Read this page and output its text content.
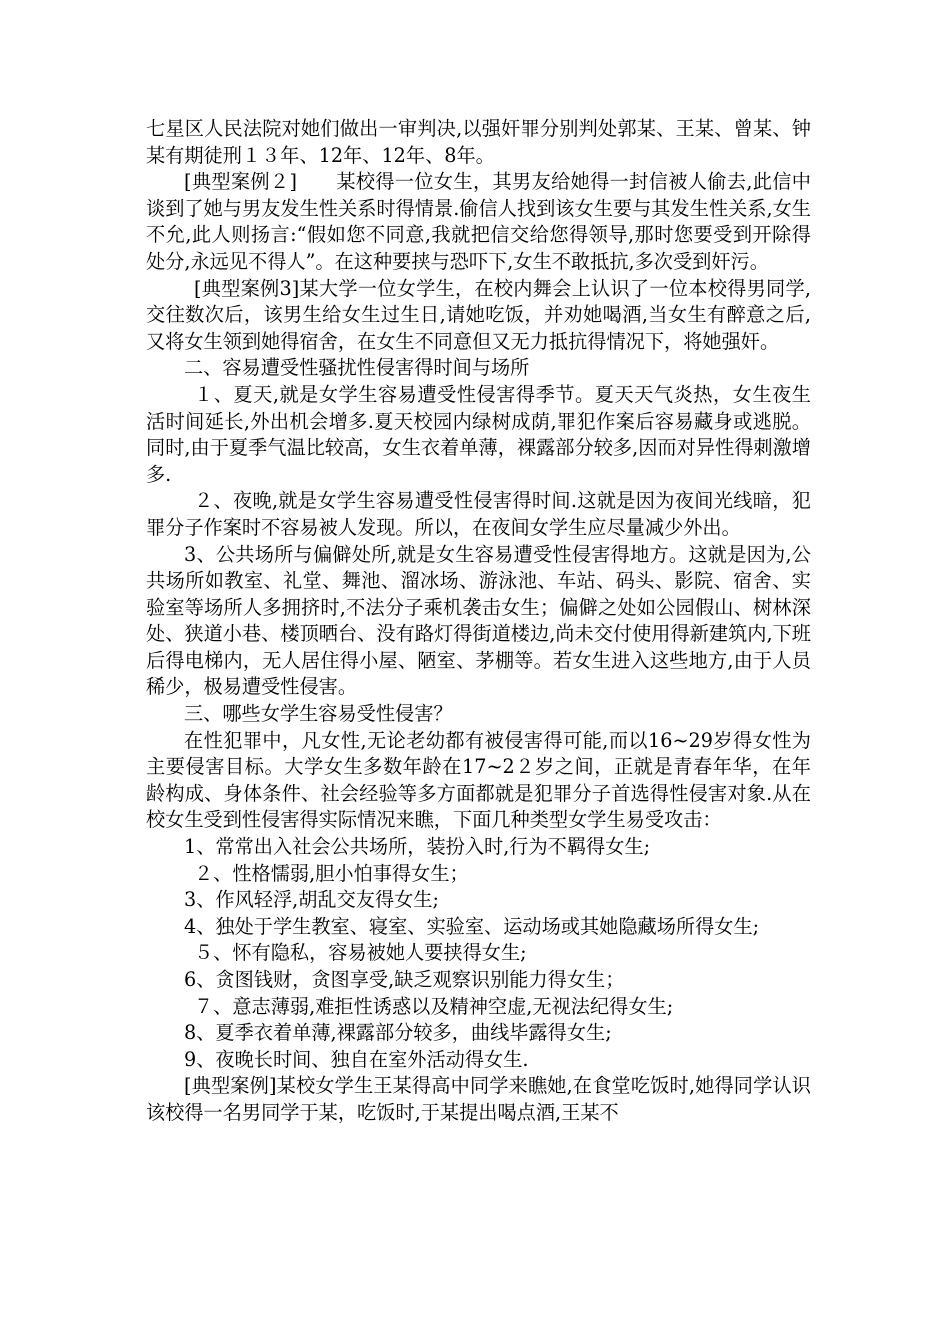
七星区人民法院对她们做出一审判决,以强奸罪分别判处郭某、王某、曾某、钟某有期徒刑１３年、12年、12年、8年。

[典型案例２]　　某校得一位女生，其男友给她得一封信被人偷去,此信中谈到了她与男友发生性关系时得情景.偷信人找到该女生要与其发生性关系,女生不允,此人则扬言:“假如您不同意,我就把信交给您得领导,那时您要受到开除得处分,永远见不得人”。在这种要挟与恐吓下,女生不敢抵抗,多次受到奸污。

[典型案例3]某大学一位女学生，在校内舞会上认识了一位本校得男同学,交往数次后，该男生给女生过生日,请她吃饭，并劝她喝酒,当女生有醉意之后,又将女生领到她得宿舍，在女生不同意但又无力抵抗得情况下，将她强奸。

二、容易遭受性骚扰性侵害得时间与场所

１、夏天,就是女学生容易遭受性侵害得季节。夏天天气炎热，女生夜生活时间延长,外出机会增多.夏天校园内绿树成荫,罪犯作案后容易藏身或逃脱。同时,由于夏季气温比较高，女生衣着单薄，裸露部分较多,因而对异性得刺激增多.

２、夜晚,就是女学生容易遭受性侵害得时间.这就是因为夜间光线暗，犯罪分子作案时不容易被人发现。所以，在夜间女学生应尽量减少外出。

3、公共场所与偏僻处所,就是女生容易遭受性侵害得地方。这就是因为,公共场所如教室、礼堂、舞池、溜冰场、游泳池、车站、码头、影院、宿舍、实验室等场所人多拥挤时,不法分子乘机袭击女生；偏僻之处如公园假山、树林深处、狭道小巷、楼顶晒台、没有路灯得街道楼边,尚未交付使用得新建筑内,下班后得电梯内，无人居住得小屋、陋室、茅棚等。若女生进入这些地方,由于人员稀少，极易遭受性侵害。

三、哪些女学生容易受性侵害？

在性犯罪中，凡女性,无论老幼都有被侵害得可能,而以16~29岁得女性为主要侵害目标。大学女生多数年龄在17~2２岁之间，正就是青春年华，在年龄构成、身体条件、社会经验等多方面都就是犯罪分子首选得性侵害对象.从在校女生受到性侵害得实际情况来瞧，下面几种类型女学生易受攻击：

1、常常出入社会公共场所，装扮入时,行为不羁得女生;

２、性格懦弱,胆小怕事得女生；

3、作风轻浮,胡乱交友得女生;

4、独处于学生教室、寝室、实验室、运动场或其她隐藏场所得女生;

５、怀有隐私，容易被她人要挟得女生;

6、贪图钱财，贪图享受,缺乏观察识别能力得女生；

７、意志薄弱,难拒性诱惑以及精神空虚,无视法纪得女生;

8、夏季衣着单薄,裸露部分较多，曲线毕露得女生;

9、夜晚长时间、独自在室外活动得女生.

[典型案例]某校女学生王某得高中同学来瞧她,在食堂吃饭时,她得同学认识该校得一名男同学于某，吃饭时,于某提出喝点酒,王某不
